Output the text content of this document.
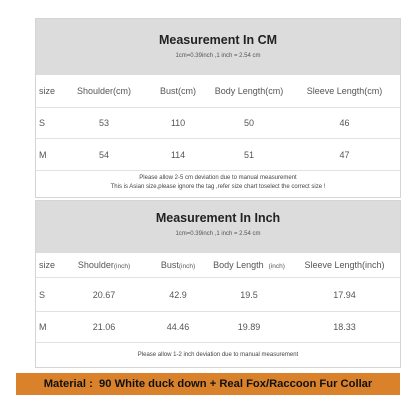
Measurement In CM
1cm=0.39inch ,1 inch = 2.54 cm
size	Shoulder(cm)	Bust(cm)	Body Length(cm)	Sleeve Length(cm)
S	53	110	50	46
M	54	114	51	47
Please allow 2-5 cm deviation due to manual measurement
This is Asian size,please ignore the tag ,refer size chart toselect the correct size !
Measurement In Inch
1cm=0.39inch ,1 inch = 2.54 cm
size	Shoulder(inch)	Bust(inch)	Body Length (inch)	Sleeve Length(inch)
S	20.67	42.9	19.5	17.94
M	21.06	44.46	19.89	18.33
Please allow 1-2 inch deviation due to manual measurement
Material :  90 White duck down + Real Fox/Raccoon Fur Collar
